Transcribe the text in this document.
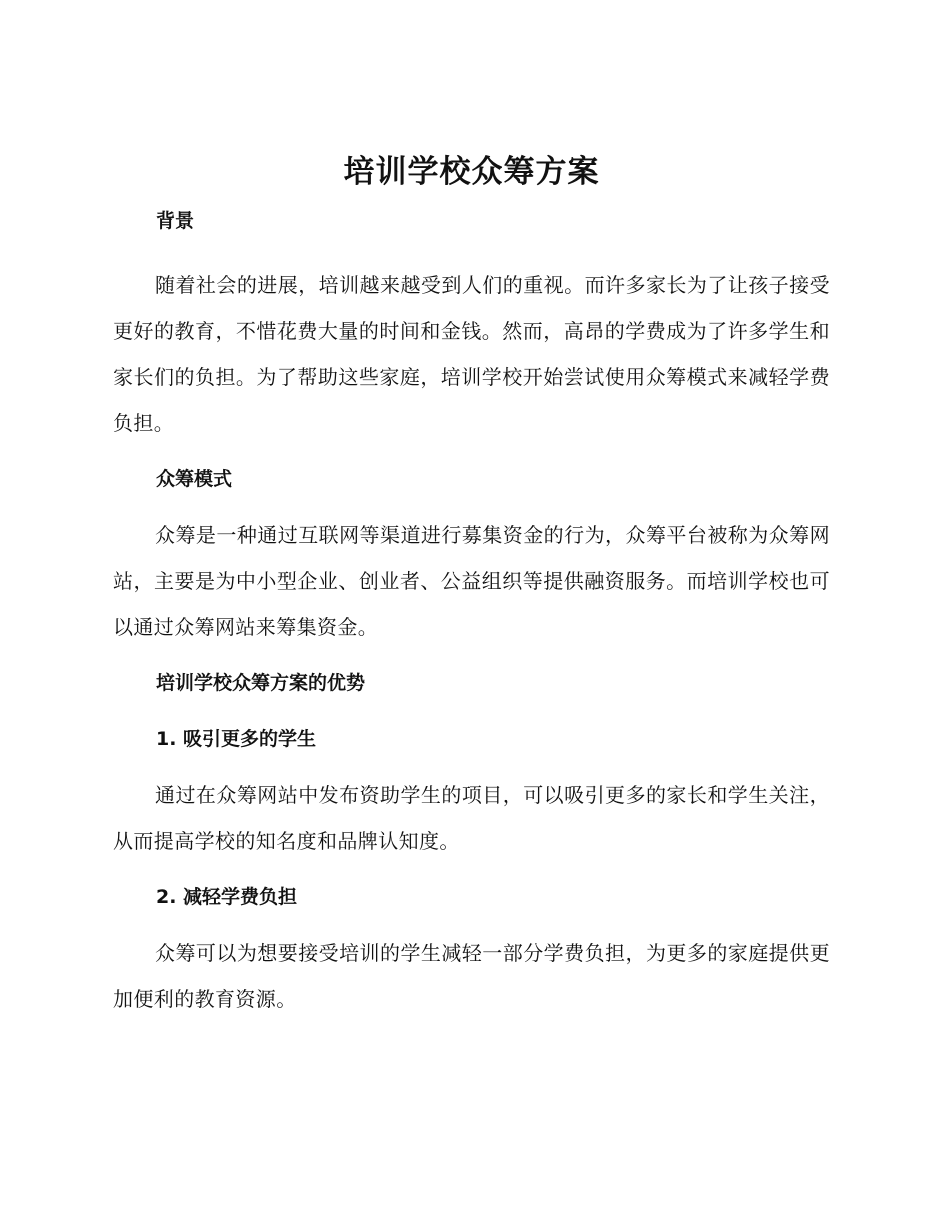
培训学校众筹方案
背景

随着社会的进展，培训越来越受到人们的重视。而许多家长为了让孩子接受更好的教育，不惜花费大量的时间和金钱。然而，高昂的学费成为了许多学生和家长们的负担。为了帮助这些家庭，培训学校开始尝试使用众筹模式来减轻学费负担。

众筹模式

众筹是一种通过互联网等渠道进行募集资金的行为，众筹平台被称为众筹网站，主要是为中小型企业、创业者、公益组织等提供融资服务。而培训学校也可以通过众筹网站来筹集资金。

培训学校众筹方案的优势
1. 吸引更多的学生

通过在众筹网站中发布资助学生的项目，可以吸引更多的家长和学生关注，从而提高学校的知名度和品牌认知度。

2. 减轻学费负担

众筹可以为想要接受培训的学生减轻一部分学费负担，为更多的家庭提供更加便利的教育资源。
